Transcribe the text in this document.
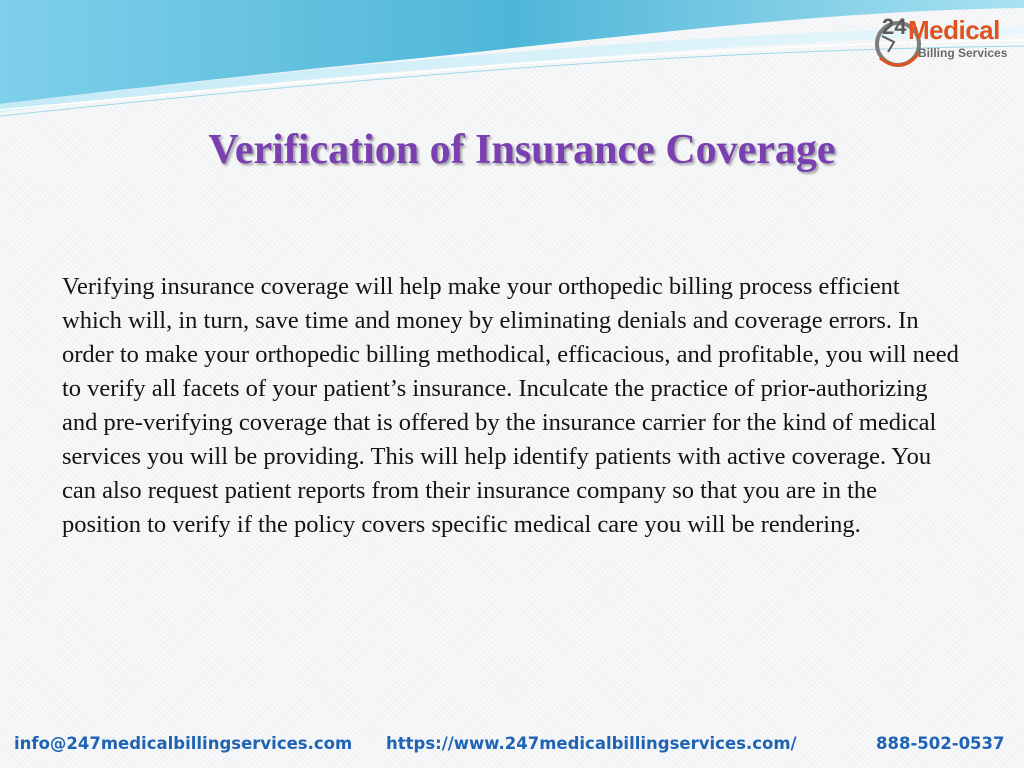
24 Medical
Billing Services
Verification of Insurance Coverage

Verifying insurance coverage will help make your orthopedic billing process efficient which will, in turn, save time and money by eliminating denials and coverage errors. In order to make your orthopedic billing methodical, efficacious, and profitable, you will need to verify all facets of your patient’s insurance. Inculcate the practice of prior-authorizing and pre-verifying coverage that is offered by the insurance carrier for the kind of medical services you will be providing. This will help identify patients with active coverage. You can also request patient reports from their insurance company so that you are in the position to verify if the policy covers specific medical care you will be rendering.

info@247medicalbillingservices.com https://www.247medicalbillingservices.com/	888-502-0537
